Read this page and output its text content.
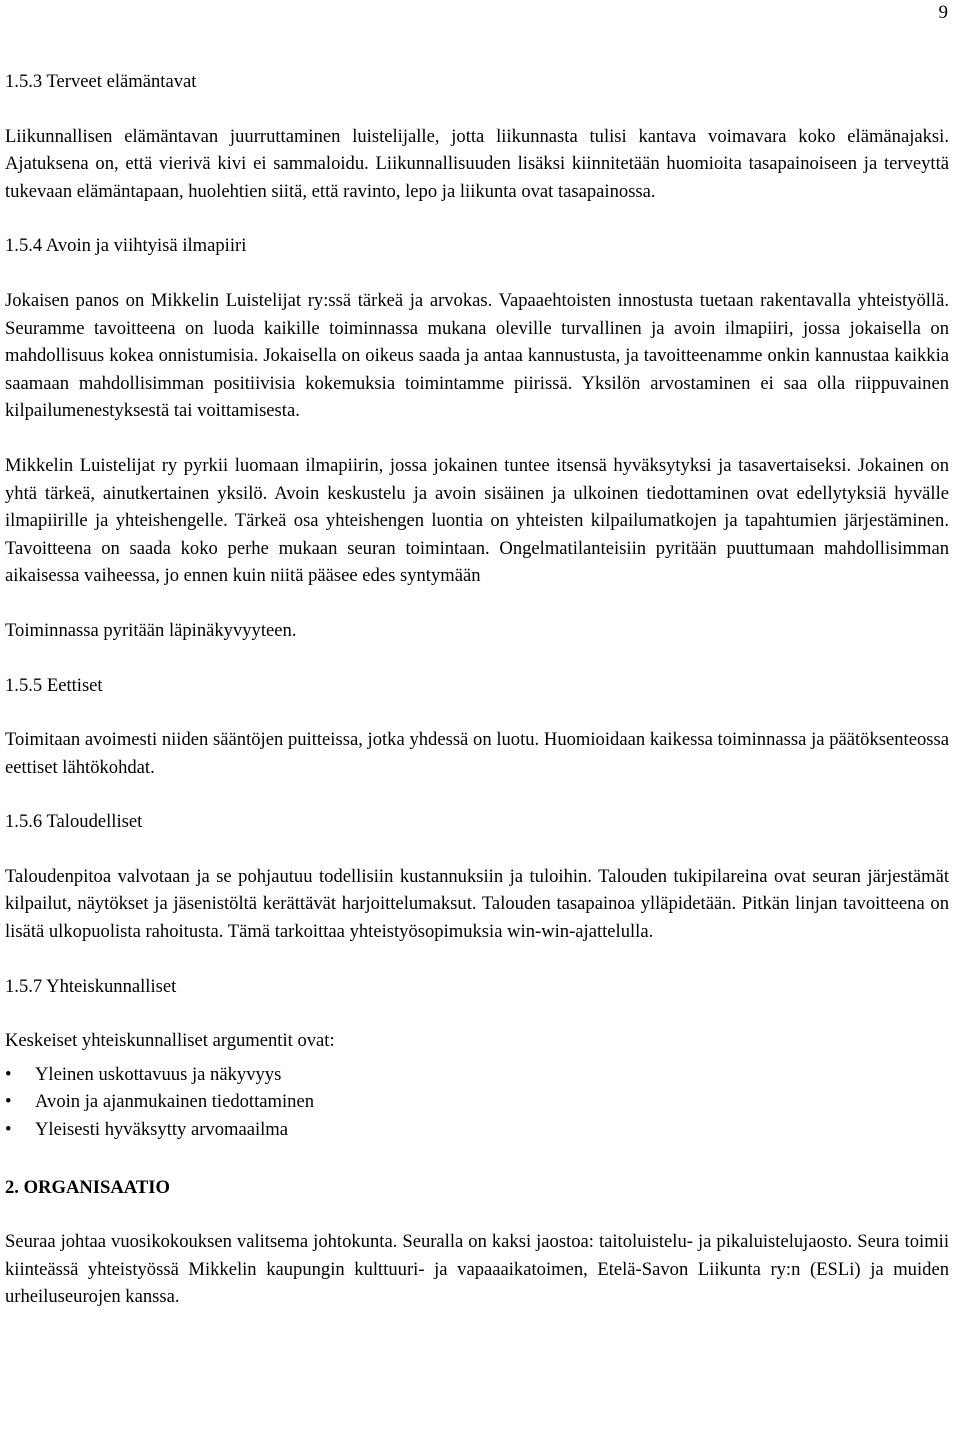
9
1.5.3 Terveet elämäntavat
Liikunnallisen elämäntavan juurruttaminen luistelijalle, jotta liikunnasta tulisi kantava voimavara koko elämänajaksi. Ajatuksena on, että vierivä kivi ei sammaloidu. Liikunnallisuuden lisäksi kiinnitetään huomioita tasapainoiseen ja terveyttä tukevaan elämäntapaan, huolehtien siitä, että ravinto, lepo ja liikunta ovat tasapainossa.
1.5.4 Avoin ja viihtyisä ilmapiiri
Jokaisen panos on Mikkelin Luistelijat ry:ssä tärkeä ja arvokas. Vapaaehtoisten innostusta tuetaan rakentavalla yhteistyöllä. Seuramme tavoitteena on luoda kaikille toiminnassa mukana oleville turvallinen ja avoin ilmapiiri, jossa jokaisella on mahdollisuus kokea onnistumisia. Jokaisella on oikeus saada ja antaa kannustusta, ja tavoitteenamme onkin kannustaa kaikkia saamaan mahdollisimman positiivisia kokemuksia toimintamme piirissä. Yksilön arvostaminen ei saa olla riippuvainen kilpailumenestyksestä tai voittamisesta.
Mikkelin Luistelijat ry pyrkii luomaan ilmapiirin, jossa jokainen tuntee itsensä hyväksytyksi ja tasavertaiseksi. Jokainen on yhtä tärkeä, ainutkertainen yksilö. Avoin keskustelu ja avoin sisäinen ja ulkoinen tiedottaminen ovat edellytyksiä hyvälle ilmapiirille ja yhteishengelle. Tärkeä osa yhteishengen luontia on yhteisten kilpailumatkojen ja tapahtumien järjestäminen. Tavoitteena on saada koko perhe mukaan seuran toimintaan. Ongelmatilanteisiin pyritään puuttumaan mahdollisimman aikaisessa vaiheessa, jo ennen kuin niitä pääsee edes syntymään
Toiminnassa pyritään läpinäkyvyyteen.
1.5.5 Eettiset
Toimitaan avoimesti niiden sääntöjen puitteissa, jotka yhdessä on luotu. Huomioidaan kaikessa toiminnassa ja päätöksenteossa eettiset lähtökohdat.
1.5.6 Taloudelliset
Taloudenpitoa valvotaan ja se pohjautuu todellisiin kustannuksiin ja tuloihin. Talouden tukipilareina ovat seuran järjestämät kilpailut, näytökset ja jäsenistöltä kerättävät harjoittelumaksut. Talouden tasapainoa ylläpidetään. Pitkän linjan tavoitteena on lisätä ulkopuolista rahoitusta. Tämä tarkoittaa yhteistyösopimuksia win-win-ajattelulla.
1.5.7 Yhteiskunnalliset
Keskeiset yhteiskunnalliset argumentit ovat:
• Yleinen uskottavuus ja näkyvyys
• Avoin ja ajanmukainen tiedottaminen
• Yleisesti hyväksytty arvomaailma
2. ORGANISAATIO
Seuraa johtaa vuosikokouksen valitsema johtokunta. Seuralla on kaksi jaostoa: taitoluistelu- ja pikaluistelujaosto. Seura toimii kiinteässä yhteistyössä Mikkelin kaupungin kulttuuri- ja vapaaaikatoimen, Etelä-Savon Liikunta ry:n (ESLi) ja muiden urheiluseurojen kanssa.
